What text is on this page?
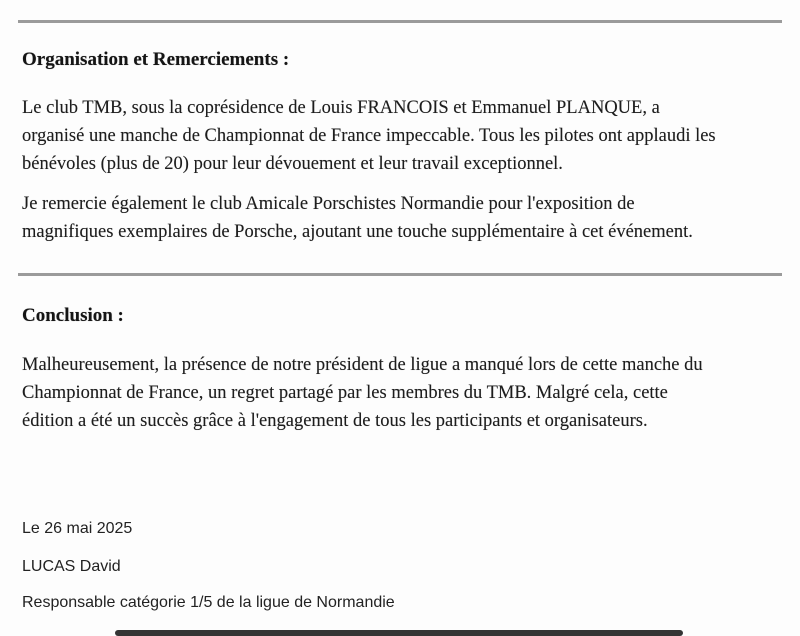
Organisation et Remerciements :
Le club TMB, sous la coprésidence de Louis FRANCOIS et Emmanuel PLANQUE, a
organisé une manche de Championnat de France impeccable. Tous les pilotes ont applaudi les
bénévoles (plus de 20) pour leur dévouement et leur travail exceptionnel.
Je remercie également le club Amicale Porschistes Normandie pour l'exposition de
magnifiques exemplaires de Porsche, ajoutant une touche supplémentaire à cet événement.
Conclusion :
Malheureusement, la présence de notre président de ligue a manqué lors de cette manche du
Championnat de France, un regret partagé par les membres du TMB. Malgré cela, cette
édition a été un succès grâce à l'engagement de tous les participants et organisateurs.
Le 26 mai 2025
LUCAS David
Responsable catégorie 1/5 de la ligue de Normandie
